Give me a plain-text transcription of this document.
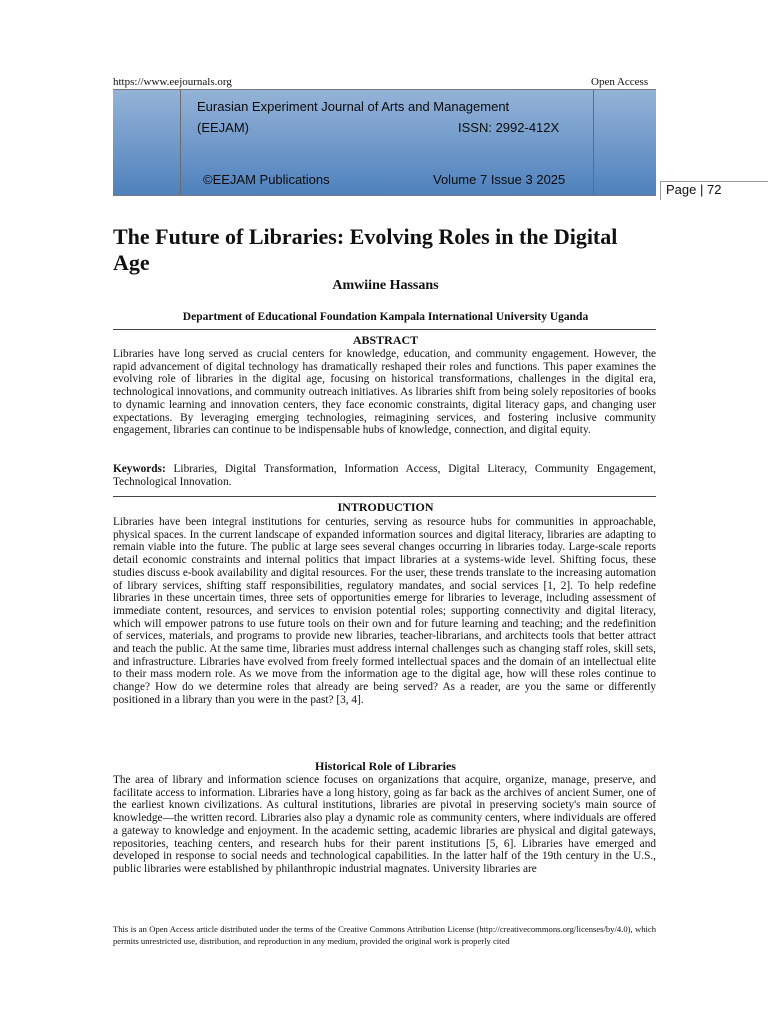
https://www.eejournals.org	Open Access
Eurasian Experiment Journal of Arts and Management
(EEJAM)	ISSN: 2992-412X
©EEJAM Publications	Volume 7 Issue 3 2025
Page | 72
The Future of Libraries: Evolving Roles in the Digital Age
Amwiine Hassans
Department of Educational Foundation Kampala International University Uganda
ABSTRACT

Libraries have long served as crucial centers for knowledge, education, and community engagement. However, the rapid advancement of digital technology has dramatically reshaped their roles and functions. This paper examines the evolving role of libraries in the digital age, focusing on historical transformations, challenges in the digital era, technological innovations, and community outreach initiatives. As libraries shift from being solely repositories of books to dynamic learning and innovation centers, they face economic constraints, digital literacy gaps, and changing user expectations. By leveraging emerging technologies, reimagining services, and fostering inclusive community engagement, libraries can continue to be indispensable hubs of knowledge, connection, and digital equity.

Keywords: Libraries, Digital Transformation, Information Access, Digital Literacy, Community Engagement, Technological Innovation.

INTRODUCTION

Libraries have been integral institutions for centuries, serving as resource hubs for communities in approachable, physical spaces. In the current landscape of expanded information sources and digital literacy, libraries are adapting to remain viable into the future. The public at large sees several changes occurring in libraries today. Large-scale reports detail economic constraints and internal politics that impact libraries at a systems-wide level. Shifting focus, these studies discuss e-book availability and digital resources. For the user, these trends translate to the increasing automation of library services, shifting staff responsibilities, regulatory mandates, and social services [1, 2]. To help redefine libraries in these uncertain times, three sets of opportunities emerge for libraries to leverage, including assessment of immediate content, resources, and services to envision potential roles; supporting connectivity and digital literacy, which will empower patrons to use future tools on their own and for future learning and teaching; and the redefinition of services, materials, and programs to provide new libraries, teacher-librarians, and architects tools that better attract and teach the public. At the same time, libraries must address internal challenges such as changing staff roles, skill sets, and infrastructure. Libraries have evolved from freely formed intellectual spaces and the domain of an intellectual elite to their mass modern role. As we move from the information age to the digital age, how will these roles continue to change? How do we determine roles that already are being served? As a reader, are you the same or differently positioned in a library than you were in the past? [3, 4].

Historical Role of Libraries

The area of library and information science focuses on organizations that acquire, organize, manage, preserve, and facilitate access to information. Libraries have a long history, going as far back as the archives of ancient Sumer, one of the earliest known civilizations. As cultural institutions, libraries are pivotal in preserving society's main source of knowledge—the written record. Libraries also play a dynamic role as community centers, where individuals are offered a gateway to knowledge and enjoyment. In the academic setting, academic libraries are physical and digital gateways, repositories, teaching centers, and research hubs for their parent institutions [5, 6]. Libraries have emerged and developed in response to social needs and technological capabilities. In the latter half of the 19th century in the U.S., public libraries were established by philanthropic industrial magnates. University libraries are

This is an Open Access article distributed under the terms of the Creative Commons Attribution License (http://creativecommons.org/licenses/by/4.0), which permits unrestricted use, distribution, and reproduction in any medium, provided the original work is properly cited
